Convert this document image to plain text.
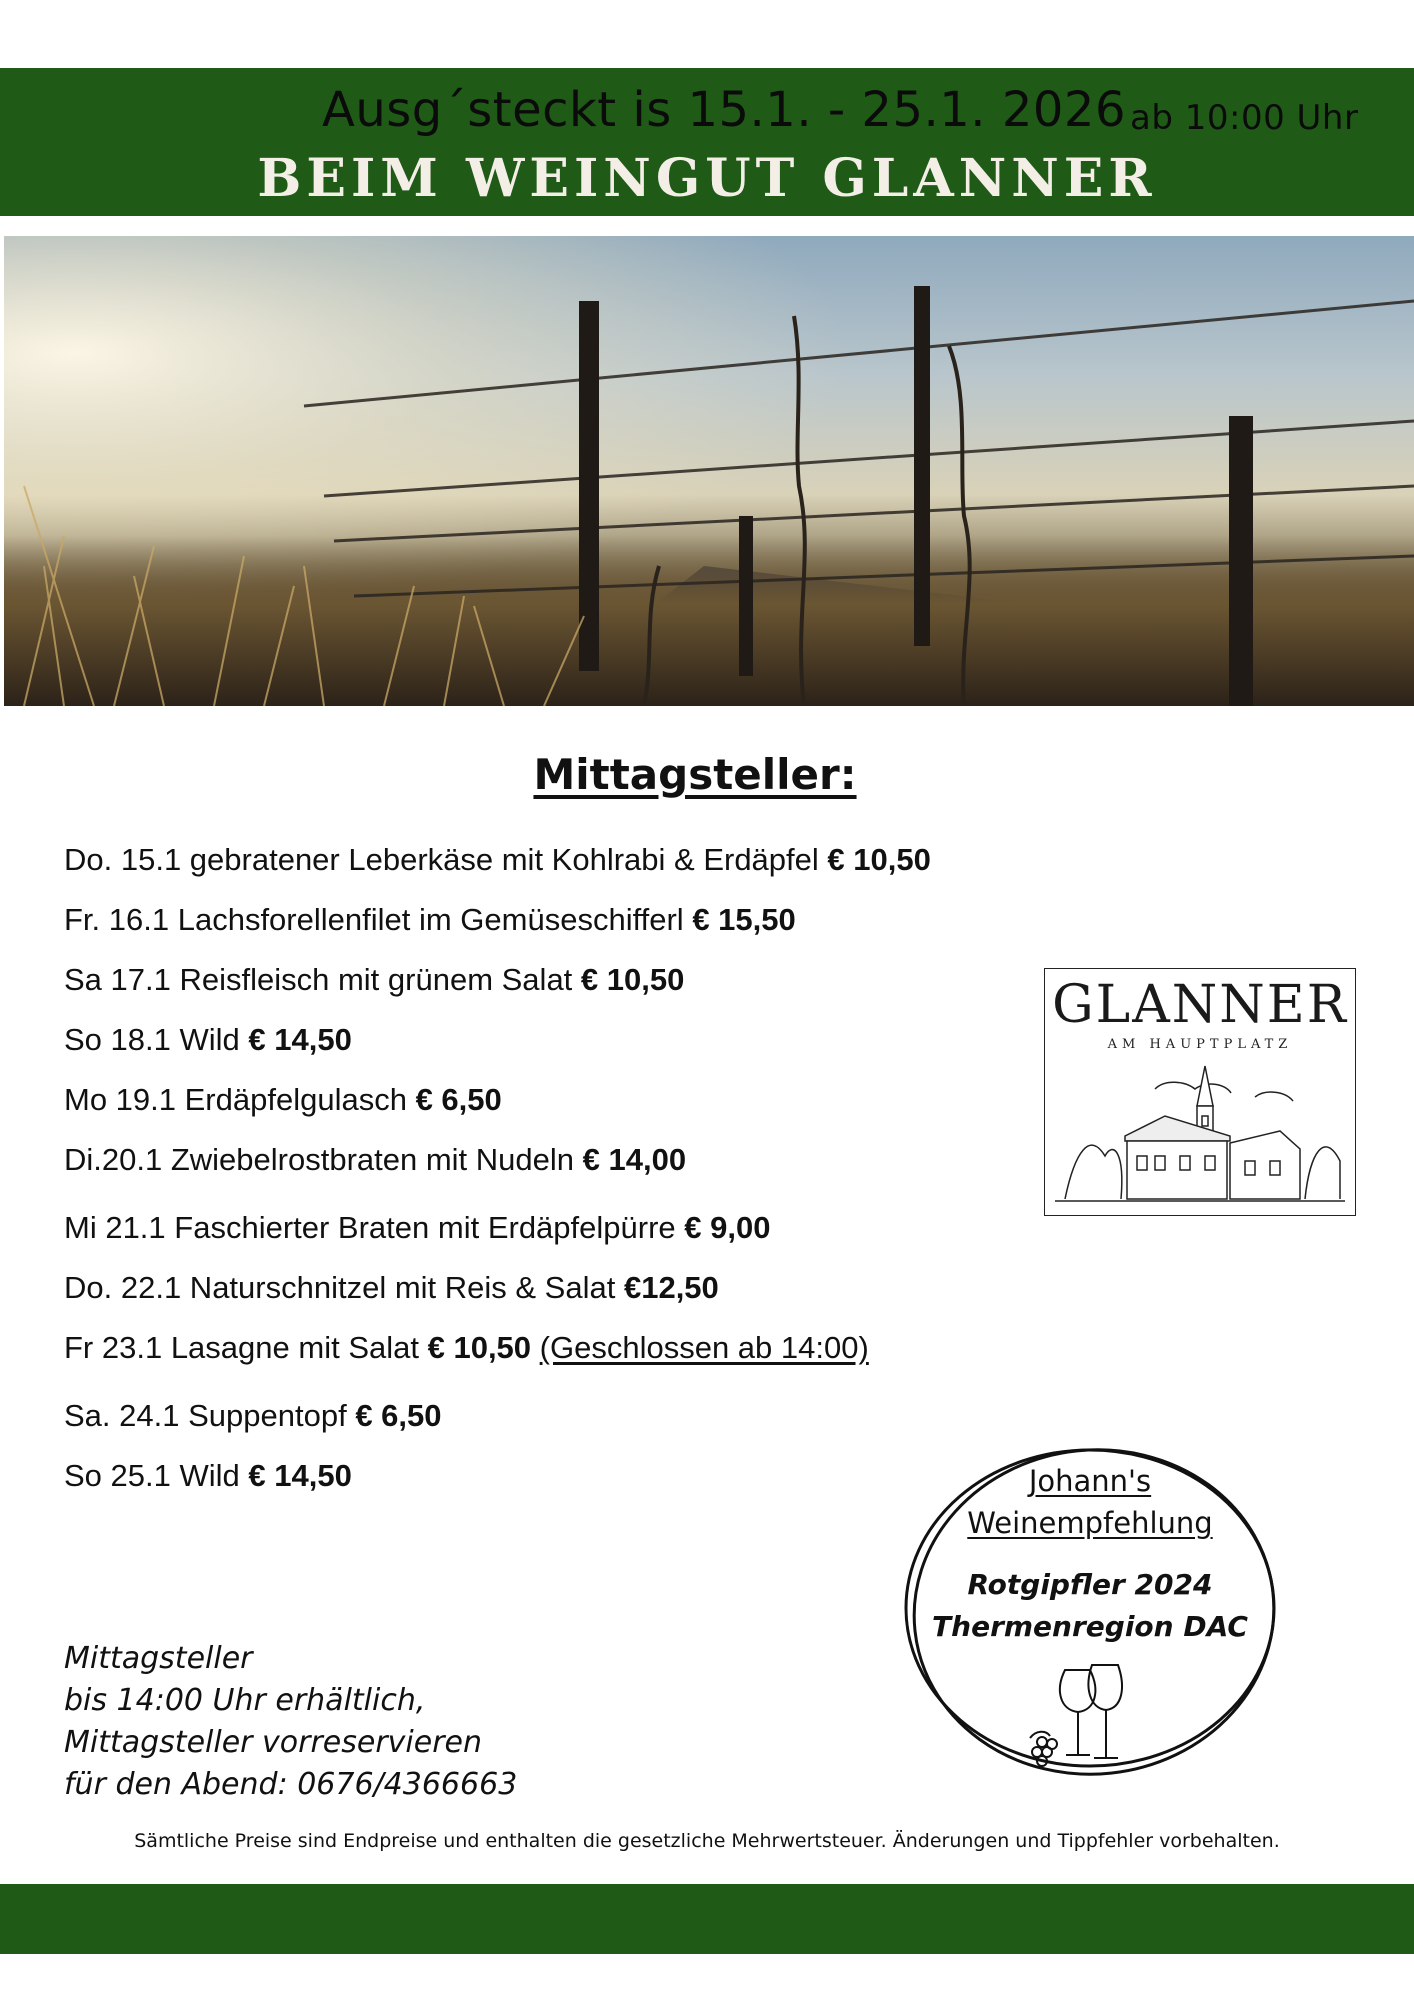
Ausg´steckt is 15.1. - 25.1. 2026 ab 10:00 Uhr
BEIM WEINGUT GLANNER
Mittagsteller:
Do. 15.1 gebratener Leberkäse mit Kohlrabi & Erdäpfel € 10,50
Fr. 16.1 Lachsforellenfilet im Gemüseschifferl € 15,50
Sa 17.1 Reisfleisch mit grünem Salat € 10,50
So 18.1 Wild € 14,50
Mo 19.1 Erdäpfelgulasch € 6,50
Di.20.1 Zwiebelrostbraten mit Nudeln € 14,00
Mi 21.1 Faschierter Braten mit Erdäpfelpürre € 9,00
Do. 22.1 Naturschnitzel mit Reis & Salat €12,50
Fr 23.1 Lasagne mit Salat € 10,50 (Geschlossen ab 14:00)
Sa. 24.1 Suppentopf € 6,50
So 25.1 Wild € 14,50
GLANNER
AM HAUPTPLATZ
Johann's
Weinempfehlung
Rotgipfler 2024
Thermenregion DAC
Mittagsteller
bis 14:00 Uhr erhältlich,
Mittagsteller vorreservieren
für den Abend: 0676/4366663
Sämtliche Preise sind Endpreise und enthalten die gesetzliche Mehrwertsteuer. Änderungen und Tippfehler vorbehalten.
